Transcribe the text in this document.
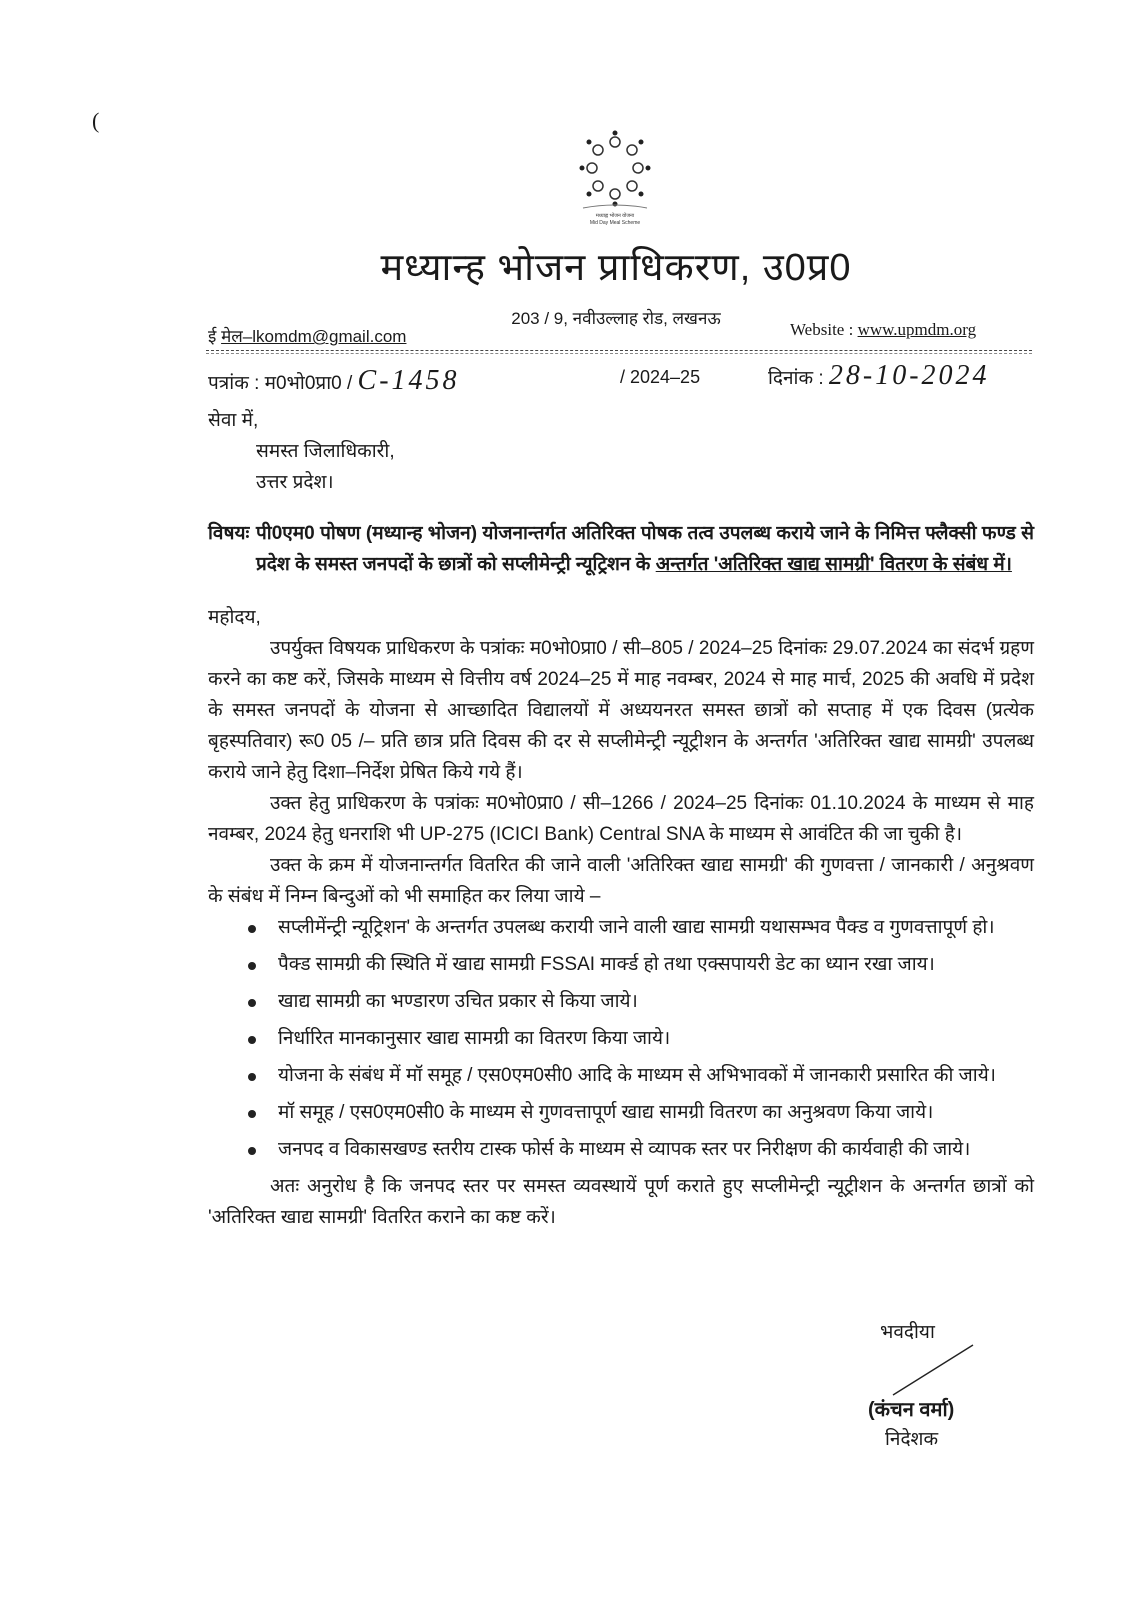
(
मध्याह्न भोजन योजना
Mid Day Meal Scheme
मध्यान्ह भोजन प्राधिकरण, उ0प्र0
203 / 9, नवीउल्लाह रोड, लखनऊ
ई मेल–lkomdm@gmail.com	Website : www.upmdm.org
पत्रांक : म0भो0प्रा0 / C-1458	/ 2024–25	दिनांक : 28-10-2024
सेवा में,
समस्त जिलाधिकारी,
उत्तर प्रदेश।
विषयः पी0एम0 पोषण (मध्यान्ह भोजन) योजनान्तर्गत अतिरिक्त पोषक तत्व उपलब्ध कराये जाने के निमित्त फ्लैक्सी फण्ड से प्रदेश के समस्त जनपदों के छात्रों को सप्लीमेन्ट्री न्यूट्रिशन के अन्तर्गत 'अतिरिक्त खाद्य सामग्री' वितरण के संबंध में।
महोदय,

उपर्युक्त विषयक प्राधिकरण के पत्रांकः म0भो0प्रा0 / सी–805 / 2024–25 दिनांकः 29.07.2024 का संदर्भ ग्रहण करने का कष्ट करें, जिसके माध्यम से वित्तीय वर्ष 2024–25 में माह नवम्बर, 2024 से माह मार्च, 2025 की अवधि में प्रदेश के समस्त जनपदों के योजना से आच्छादित विद्यालयों में अध्ययनरत समस्त छात्रों को सप्ताह में एक दिवस (प्रत्येक बृहस्पतिवार) रू0 05 /– प्रति छात्र प्रति दिवस की दर से सप्लीमेन्ट्री न्यूट्रीशन के अन्तर्गत 'अतिरिक्त खाद्य सामग्री' उपलब्ध कराये जाने हेतु दिशा–निर्देश प्रेषित किये गये हैं।

उक्त हेतु प्राधिकरण के पत्रांकः म0भो0प्रा0 / सी–1266 / 2024–25 दिनांकः 01.10.2024 के माध्यम से माह नवम्बर, 2024 हेतु धनराशि भी UP-275 (ICICI Bank) Central SNA के माध्यम से आवंटित की जा चुकी है।

उक्त के क्रम में योजनान्तर्गत वितरित की जाने वाली 'अतिरिक्त खाद्य सामग्री' की गुणवत्ता / जानकारी / अनुश्रवण के संबंध में निम्न बिन्दुओं को भी समाहित कर लिया जाये –

सप्लीमेंन्ट्री न्यूट्रिशन' के अन्तर्गत उपलब्ध करायी जाने वाली खाद्य सामग्री यथासम्भव पैक्ड व गुणवत्तापूर्ण हो।
पैक्ड सामग्री की स्थिति में खाद्य सामग्री FSSAI मार्क्ड हो तथा एक्सपायरी डेट का ध्यान रखा जाय।
खाद्य सामग्री का भण्डारण उचित प्रकार से किया जाये।
निर्धारित मानकानुसार खाद्य सामग्री का वितरण किया जाये।
योजना के संबंध में मॉ समूह / एस0एम0सी0 आदि के माध्यम से अभिभावकों में जानकारी प्रसारित की जाये।
मॉ समूह / एस0एम0सी0 के माध्यम से गुणवत्तापूर्ण खाद्य सामग्री वितरण का अनुश्रवण किया जाये।
जनपद व विकासखण्ड स्तरीय टास्क फोर्स के माध्यम से व्यापक स्तर पर निरीक्षण की कार्यवाही की जाये।

अतः अनुरोध है कि जनपद स्तर पर समस्त व्यवस्थायें पूर्ण कराते हुए सप्लीमेन्ट्री न्यूट्रीशन के अन्तर्गत छात्रों को 'अतिरिक्त खाद्य सामग्री' वितरित कराने का कष्ट करें।

भवदीया
(कंचन वर्मा)
निदेशक
